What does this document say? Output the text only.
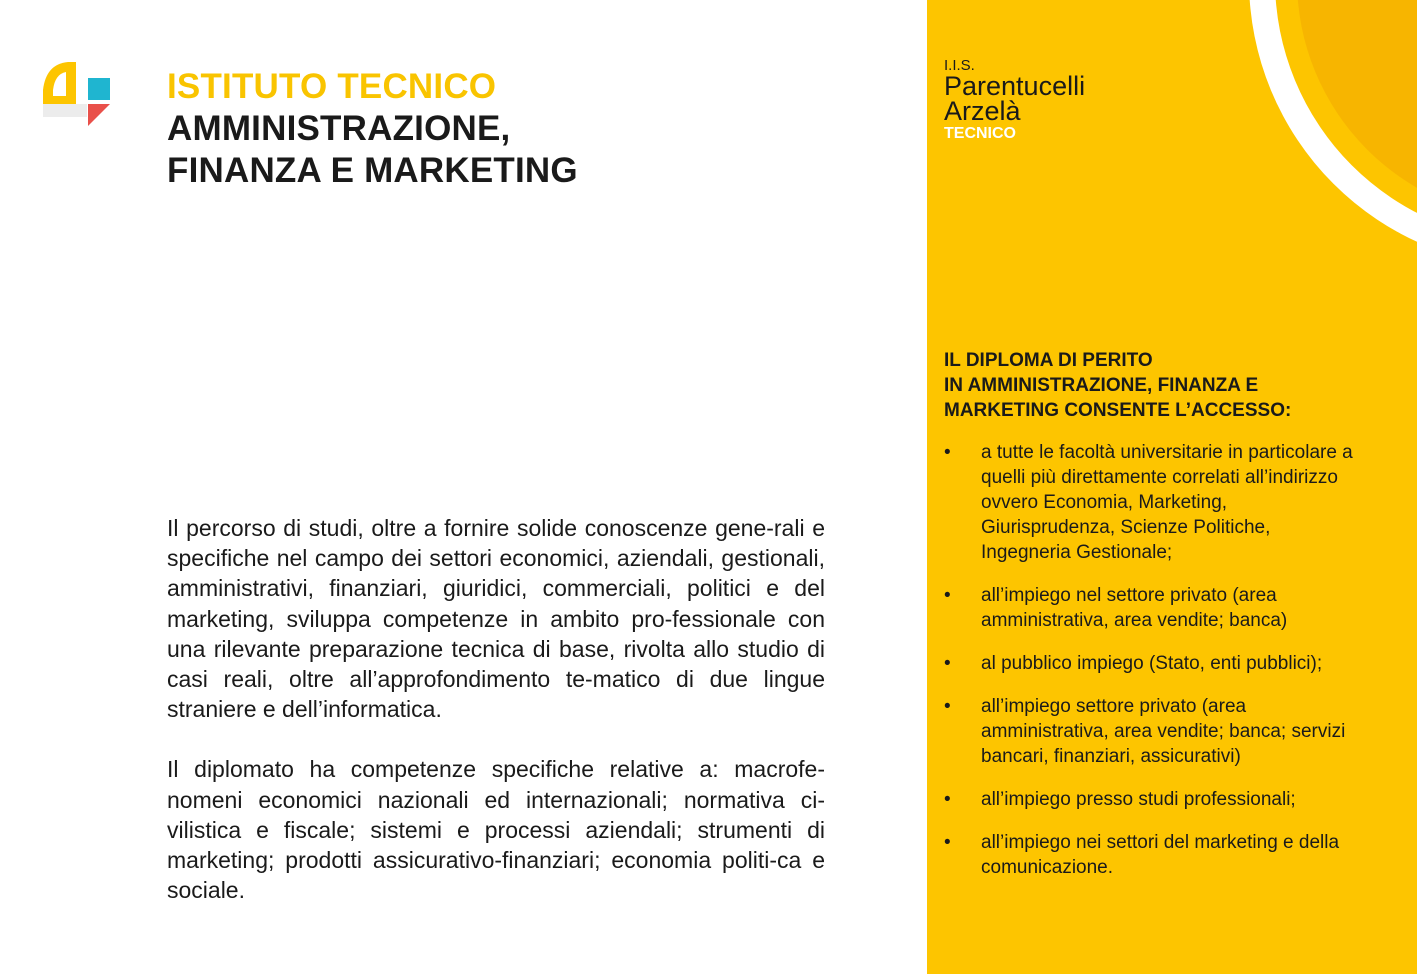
ISTITUTO TECNICO
AMMINISTRAZIONE,
FINANZA E MARKETING

Il percorso di studi, oltre a fornire solide conoscenze gene-rali e specifiche nel campo dei settori economici, aziendali, gestionali, amministrativi, finanziari, giuridici, commerciali, politici e del marketing, sviluppa competenze in ambito pro-fessionale con una rilevante preparazione tecnica di base, rivolta allo studio di casi reali, oltre all’approfondimento te-matico di due lingue straniere e dell’informatica.

Il diplomato ha competenze specifiche relative a: macrofe-nomeni economici nazionali ed internazionali; normativa ci-vilistica e fiscale; sistemi e processi aziendali; strumenti di marketing; prodotti assicurativo-finanziari; economia politi-ca e sociale.

I.I.S.
Parentucelli
Arzelà
TECNICO
IL DIPLOMA DI PERITO
IN AMMINISTRAZIONE, FINANZA E
MARKETING CONSENTE L’ACCESSO:
• a tutte le facoltà universitarie in particolare a quelli più direttamente correlati all’indirizzo ovvero Economia, Marketing, Giurisprudenza, Scienze Politiche, Ingegneria Gestionale;
• all’impiego nel settore privato (area amministrativa, area vendite; banca)
• al pubblico impiego (Stato, enti pubblici);
• all’impiego settore privato (area amministrativa, area vendite; banca; servizi bancari, finanziari, assicurativi)
• all’impiego presso studi professionali;
• all’impiego nei settori del marketing e della comunicazione.
